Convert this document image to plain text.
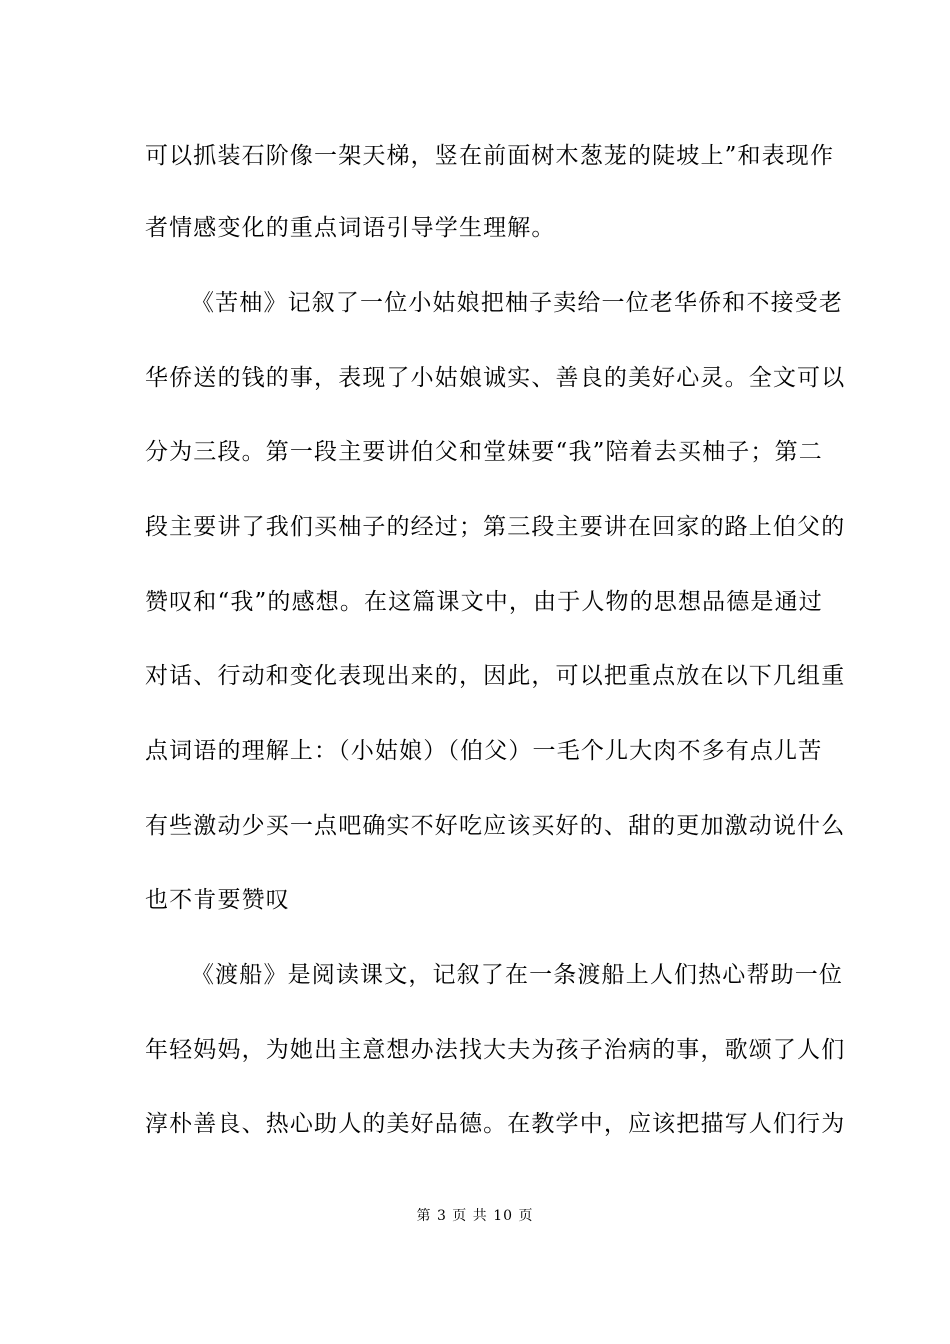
可以抓装石阶像一架天梯，竖在前面树木葱茏的陡坡上”和表现作
者情感变化的重点词语引导学生理解。
《苦柚》记叙了一位小姑娘把柚子卖给一位老华侨和不接受老
华侨送的钱的事，表现了小姑娘诚实、善良的美好心灵。全文可以
分为三段。第一段主要讲伯父和堂妹要“我”陪着去买柚子；第二
段主要讲了我们买柚子的经过；第三段主要讲在回家的路上伯父的
赞叹和“我”的感想。在这篇课文中，由于人物的思想品德是通过
对话、行动和变化表现出来的，因此，可以把重点放在以下几组重
点词语的理解上：（小姑娘）（伯父）一毛个儿大肉不多有点儿苦
有些激动少买一点吧确实不好吃应该买好的、甜的更加激动说什么
也不肯要赞叹
《渡船》是阅读课文，记叙了在一条渡船上人们热心帮助一位
年轻妈妈，为她出主意想办法找大夫为孩子治病的事，歌颂了人们
淳朴善良、热心助人的美好品德。在教学中，应该把描写人们行为
第 3 页 共 10 页
